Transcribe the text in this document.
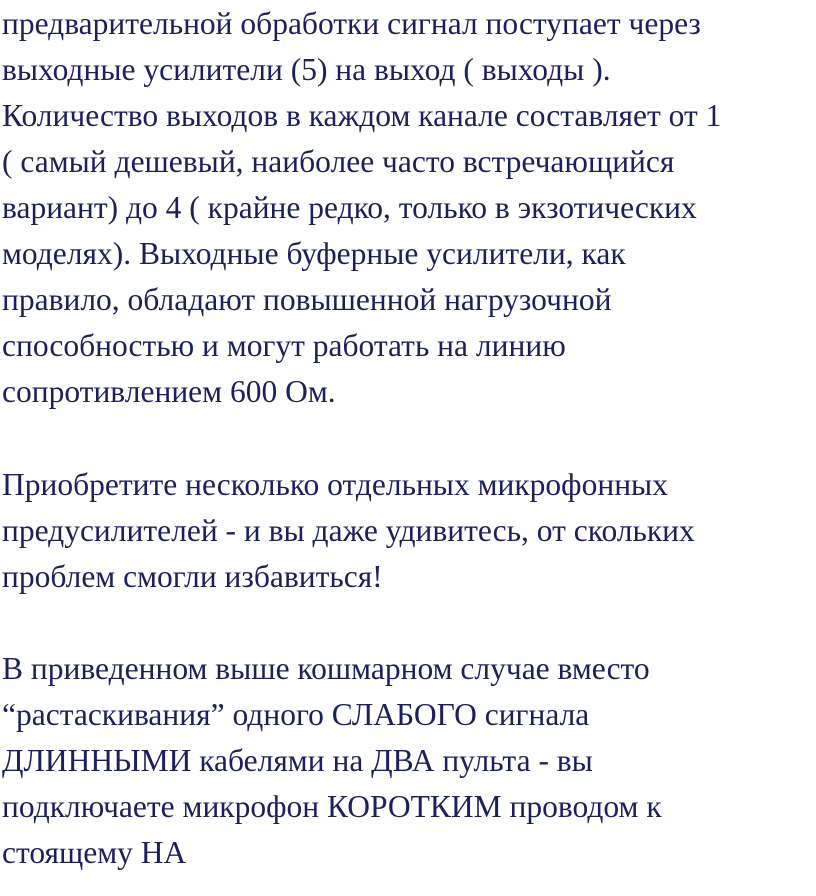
предварительной обработки сигнал поступает через
выходные усилители (5) на выход ( выходы ).
Количество выходов в каждом канале составляет от 1
( самый дешевый, наиболее часто встречающийся
вариант) до 4 ( крайне редко, только в экзотических
моделях). Выходные буферные усилители, как
правило, обладают повышенной нагрузочной
способностью и могут работать на линию
сопротивлением 600 Ом.
Приобретите несколько отдельных микрофонных
предусилителей - и вы даже удивитесь, от скольких
проблем смогли избавиться!
В приведенном выше кошмарном случае вместо
“растаскивания” одного СЛАБОГО сигнала
ДЛИННЫМИ кабелями на ДВА пульта - вы
подключаете микрофон КОРОТКИМ проводом к
стоящему НА
